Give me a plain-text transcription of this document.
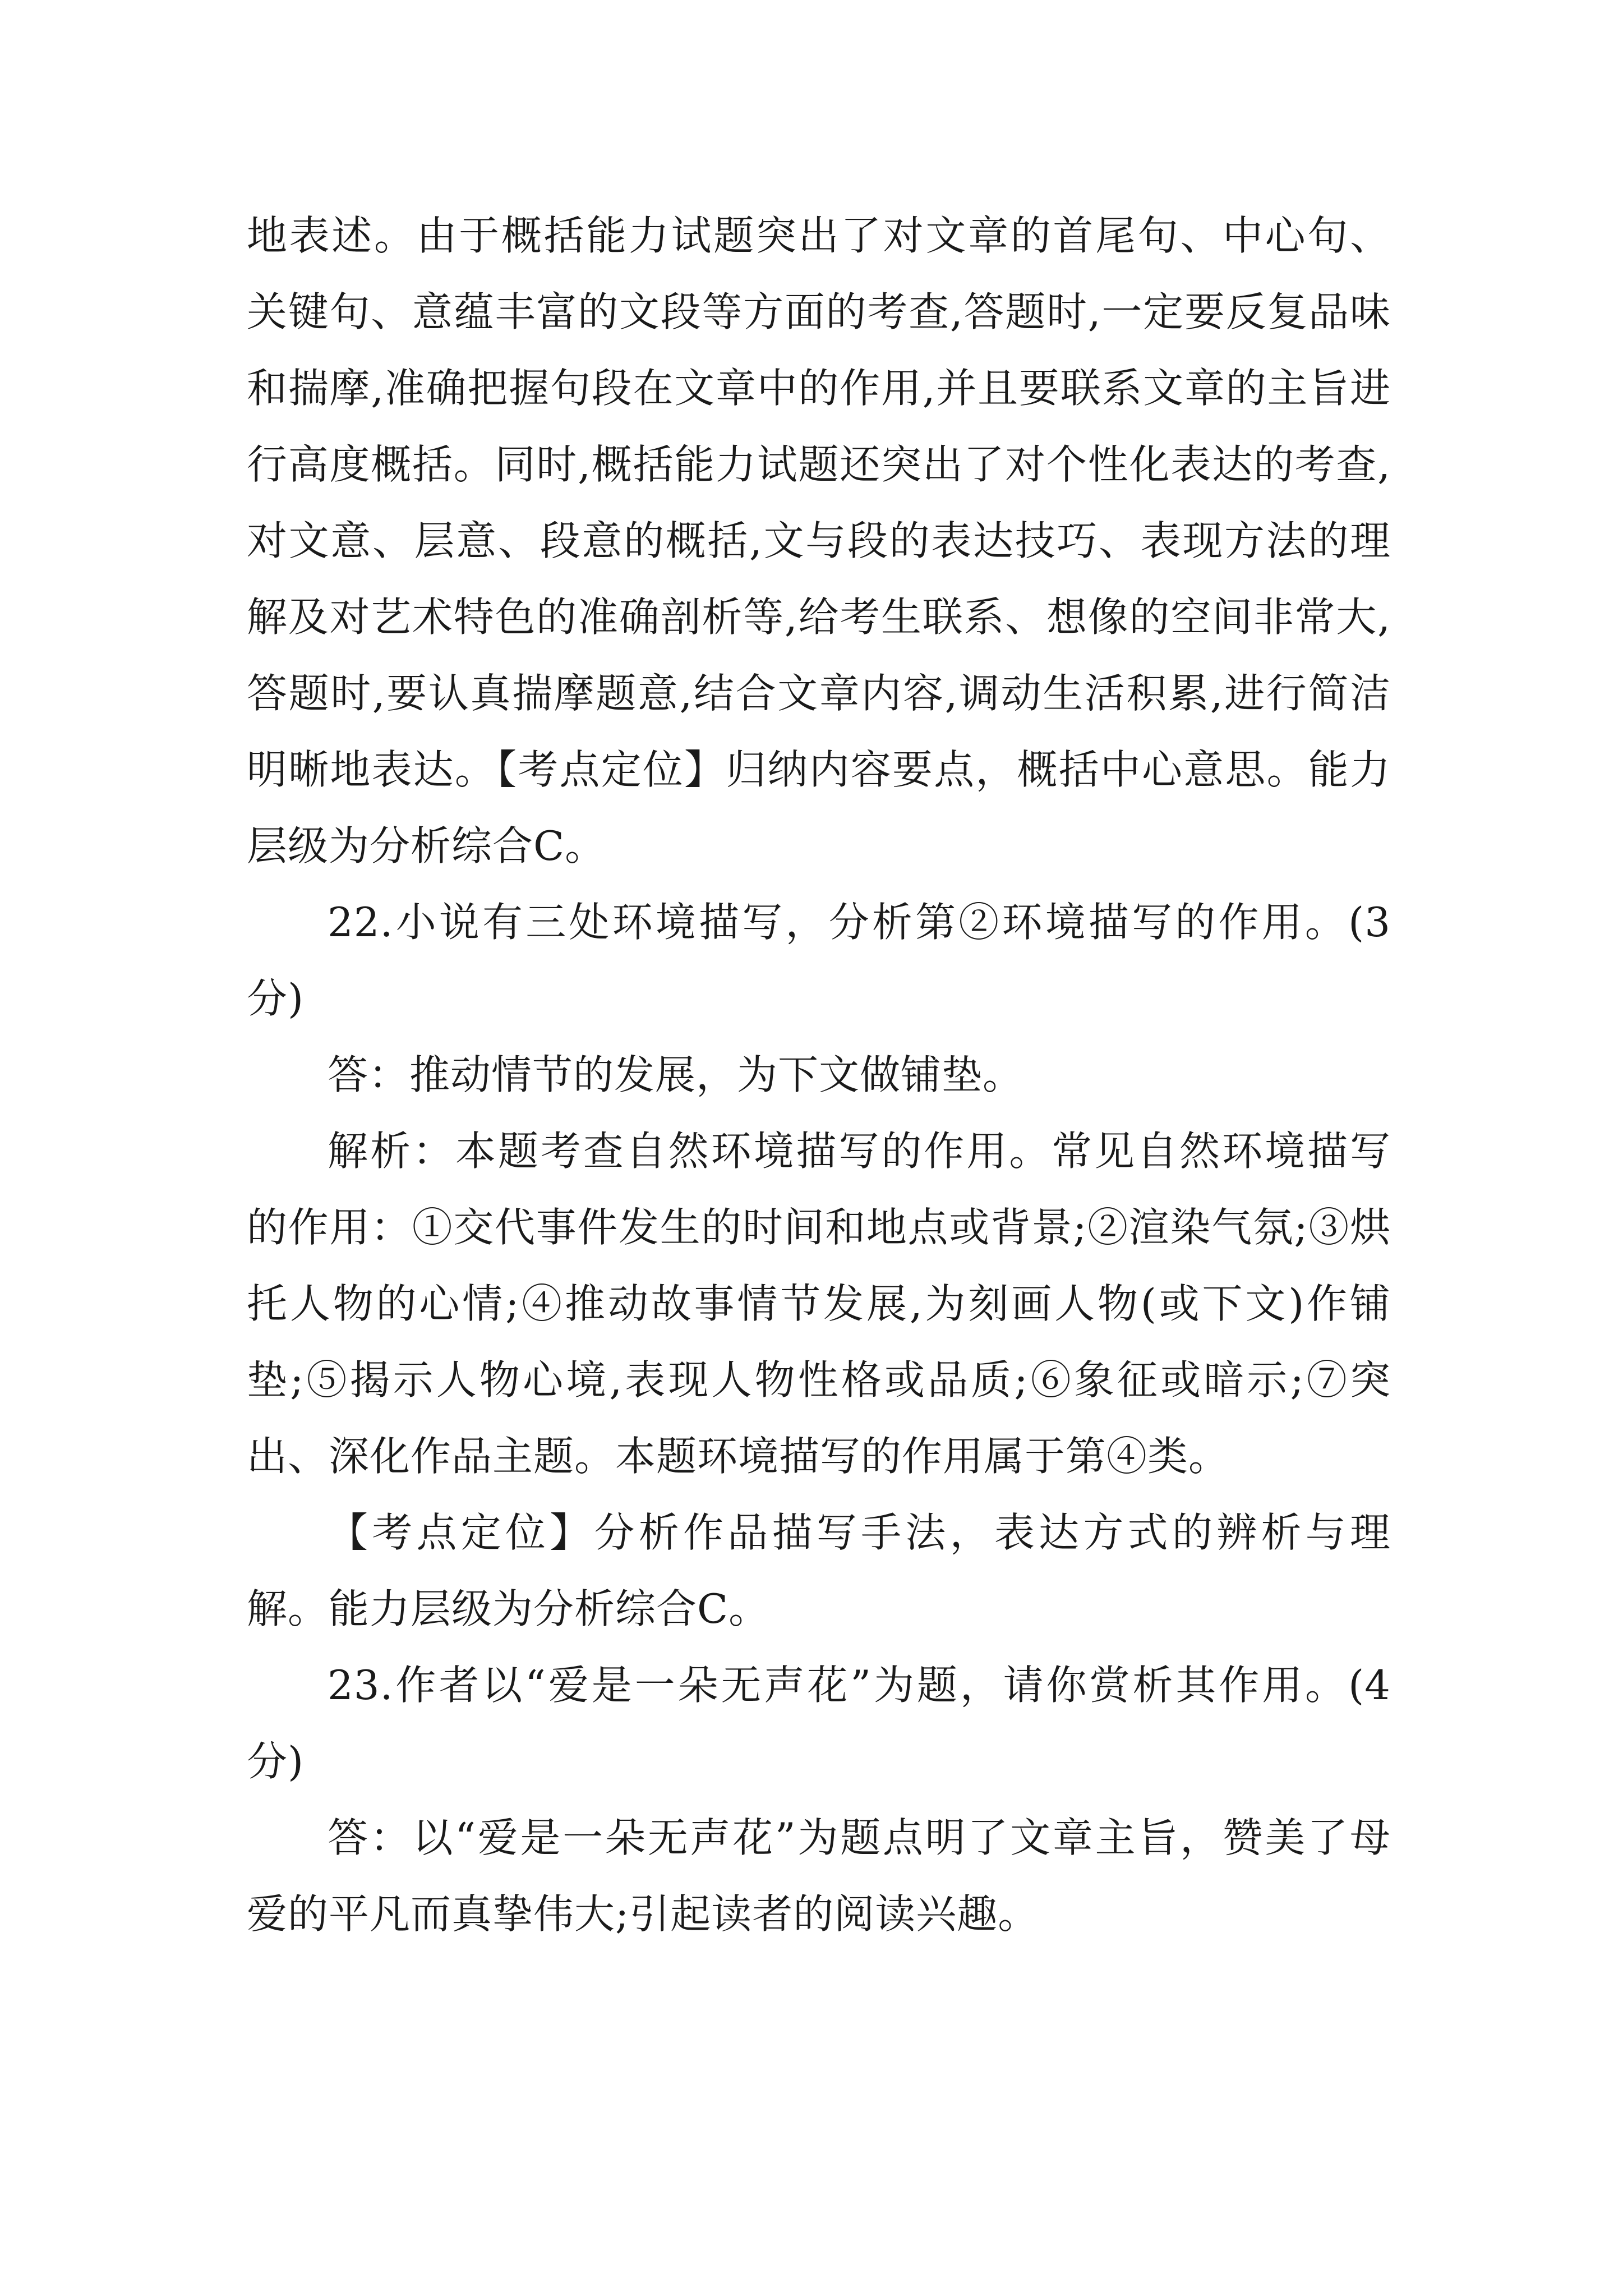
地表述。由于概括能力试题突出了对文章的首尾句、中心句、关键句、意蕴丰富的文段等方面的考查,答题时,一定要反复品味和揣摩,准确把握句段在文章中的作用,并且要联系文章的主旨进行高度概括。同时,概括能力试题还突出了对个性化表达的考查,对文意、层意、段意的概括,文与段的表达技巧、表现方法的理解及对艺术特色的准确剖析等,给考生联系、想像的空间非常大,答题时,要认真揣摩题意,结合文章内容,调动生活积累,进行简洁明晰地表达。【考点定位】归纳内容要点，概括中心意思。能力层级为分析综合C。

22.小说有三处环境描写，分析第②环境描写的作用。(3分)

答：推动情节的发展，为下文做铺垫。

解析：本题考查自然环境描写的作用。常见自然环境描写的作用：①交代事件发生的时间和地点或背景;②渲染气氛;③烘托人物的心情;④推动故事情节发展,为刻画人物(或下文)作铺垫;⑤揭示人物心境,表现人物性格或品质;⑥象征或暗示;⑦突出、深化作品主题。本题环境描写的作用属于第④类。

【考点定位】分析作品描写手法，表达方式的辨析与理解。能力层级为分析综合C。

23.作者以“爱是一朵无声花”为题，请你赏析其作用。(4分)

答：以“爱是一朵无声花”为题点明了文章主旨，赞美了母爱的平凡而真挚伟大;引起读者的阅读兴趣。
